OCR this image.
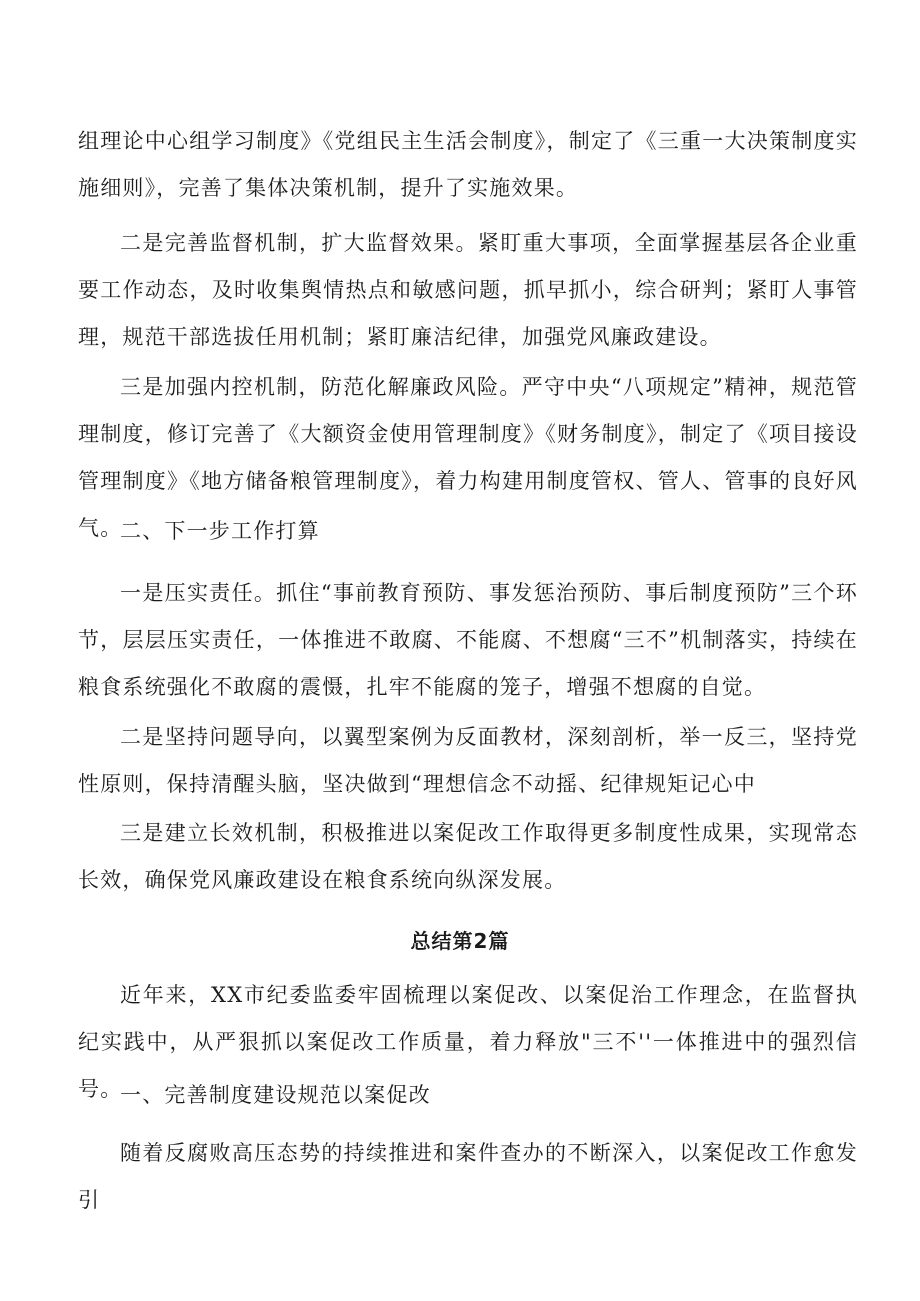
组理论中心组学习制度》《党组民主生活会制度》，制定了《三重一大决策制度实施细则》，完善了集体决策机制，提升了实施效果。

二是完善监督机制，扩大监督效果。紧盯重大事项，全面掌握基层各企业重要工作动态，及时收集舆情热点和敏感问题，抓早抓小，综合研判；紧盯人事管理，规范干部选拔任用机制；紧盯廉洁纪律，加强党风廉政建设。

三是加强内控机制，防范化解廉政风险。严守中央“八项规定”精神，规范管理制度，修订完善了《大额资金使用管理制度》《财务制度》，制定了《项目接设管理制度》《地方储备粮管理制度》，着力构建用制度管权、管人、管事的良好风气。

二、下一步工作打算

一是压实责任。抓住“事前教育预防、事发惩治预防、事后制度预防”三个环节，层层压实责任，一体推进不敢腐、不能腐、不想腐“三不”机制落实，持续在粮食系统强化不敢腐的震慑，扎牢不能腐的笼子，增强不想腐的自觉。

二是坚持问题导向，以翼型案例为反面教材，深刻剖析，举一反三，坚持党性原则，保持清醒头脑，坚决做到“理想信念不动摇、纪律规矩记心中

三是建立长效机制，积极推进以案促改工作取得更多制度性成果，实现常态长效，确保党风廉政建设在粮食系统向纵深发展。

总结第2篇

近年来，XX市纪委监委牢固梳理以案促改、以案促治工作理念，在监督执纪实践中，从严狠抓以案促改工作质量，着力释放"三不''一体推进中的强烈信号。

一、完善制度建设规范以案促改

随着反腐败高压态势的持续推进和案件查办的不断深入，以案促改工作愈发引
